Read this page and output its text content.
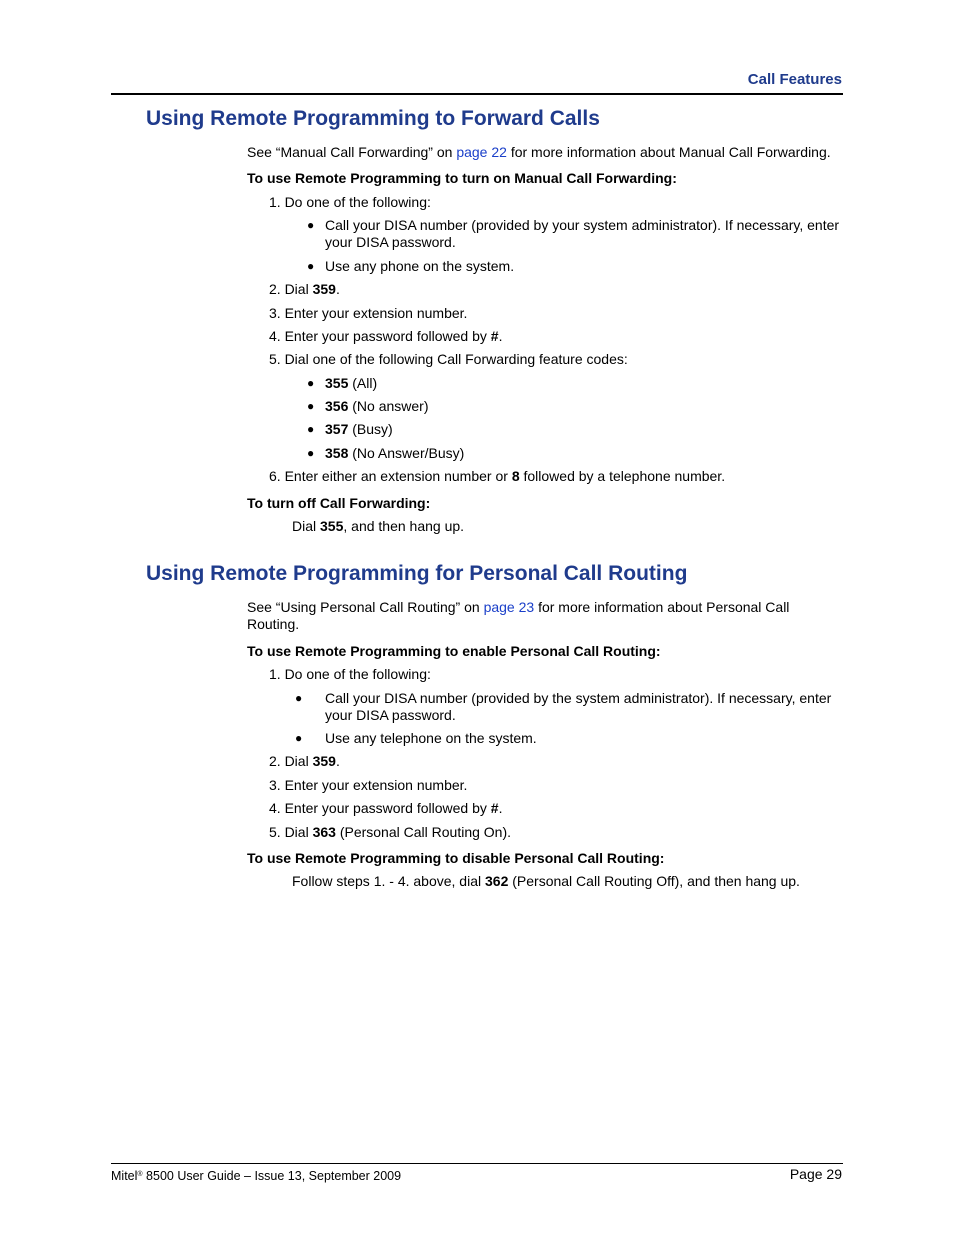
Call Features
Using Remote Programming to Forward Calls
See “Manual Call Forwarding” on page 22 for more information about Manual Call Forwarding.
To use Remote Programming to turn on Manual Call Forwarding:
1. Do one of the following:
● Call your DISA number (provided by your system administrator). If necessary, enter
your DISA password.
● Use any phone on the system.
2. Dial 359.
3. Enter your extension number.
4. Enter your password followed by #.
5. Dial one of the following Call Forwarding feature codes:
● 355 (All)
● 356 (No answer)
● 357 (Busy)
● 358 (No Answer/Busy)
6. Enter either an extension number or 8 followed by a telephone number.
To turn off Call Forwarding:
Dial 355, and then hang up.
Using Remote Programming for Personal Call Routing
See “Using Personal Call Routing” on page 23 for more information about Personal Call
Routing.
To use Remote Programming to enable Personal Call Routing:
1. Do one of the following:
● Call your DISA number (provided by the system administrator). If necessary, enter
your DISA password.
● Use any telephone on the system.
2. Dial 359.
3. Enter your extension number.
4. Enter your password followed by #.
5. Dial 363 (Personal Call Routing On).
To use Remote Programming to disable Personal Call Routing:
Follow steps 1. - 4. above, dial 362 (Personal Call Routing Off), and then hang up.
Mitel® 8500 User Guide – Issue 13, September 2009	Page 29
